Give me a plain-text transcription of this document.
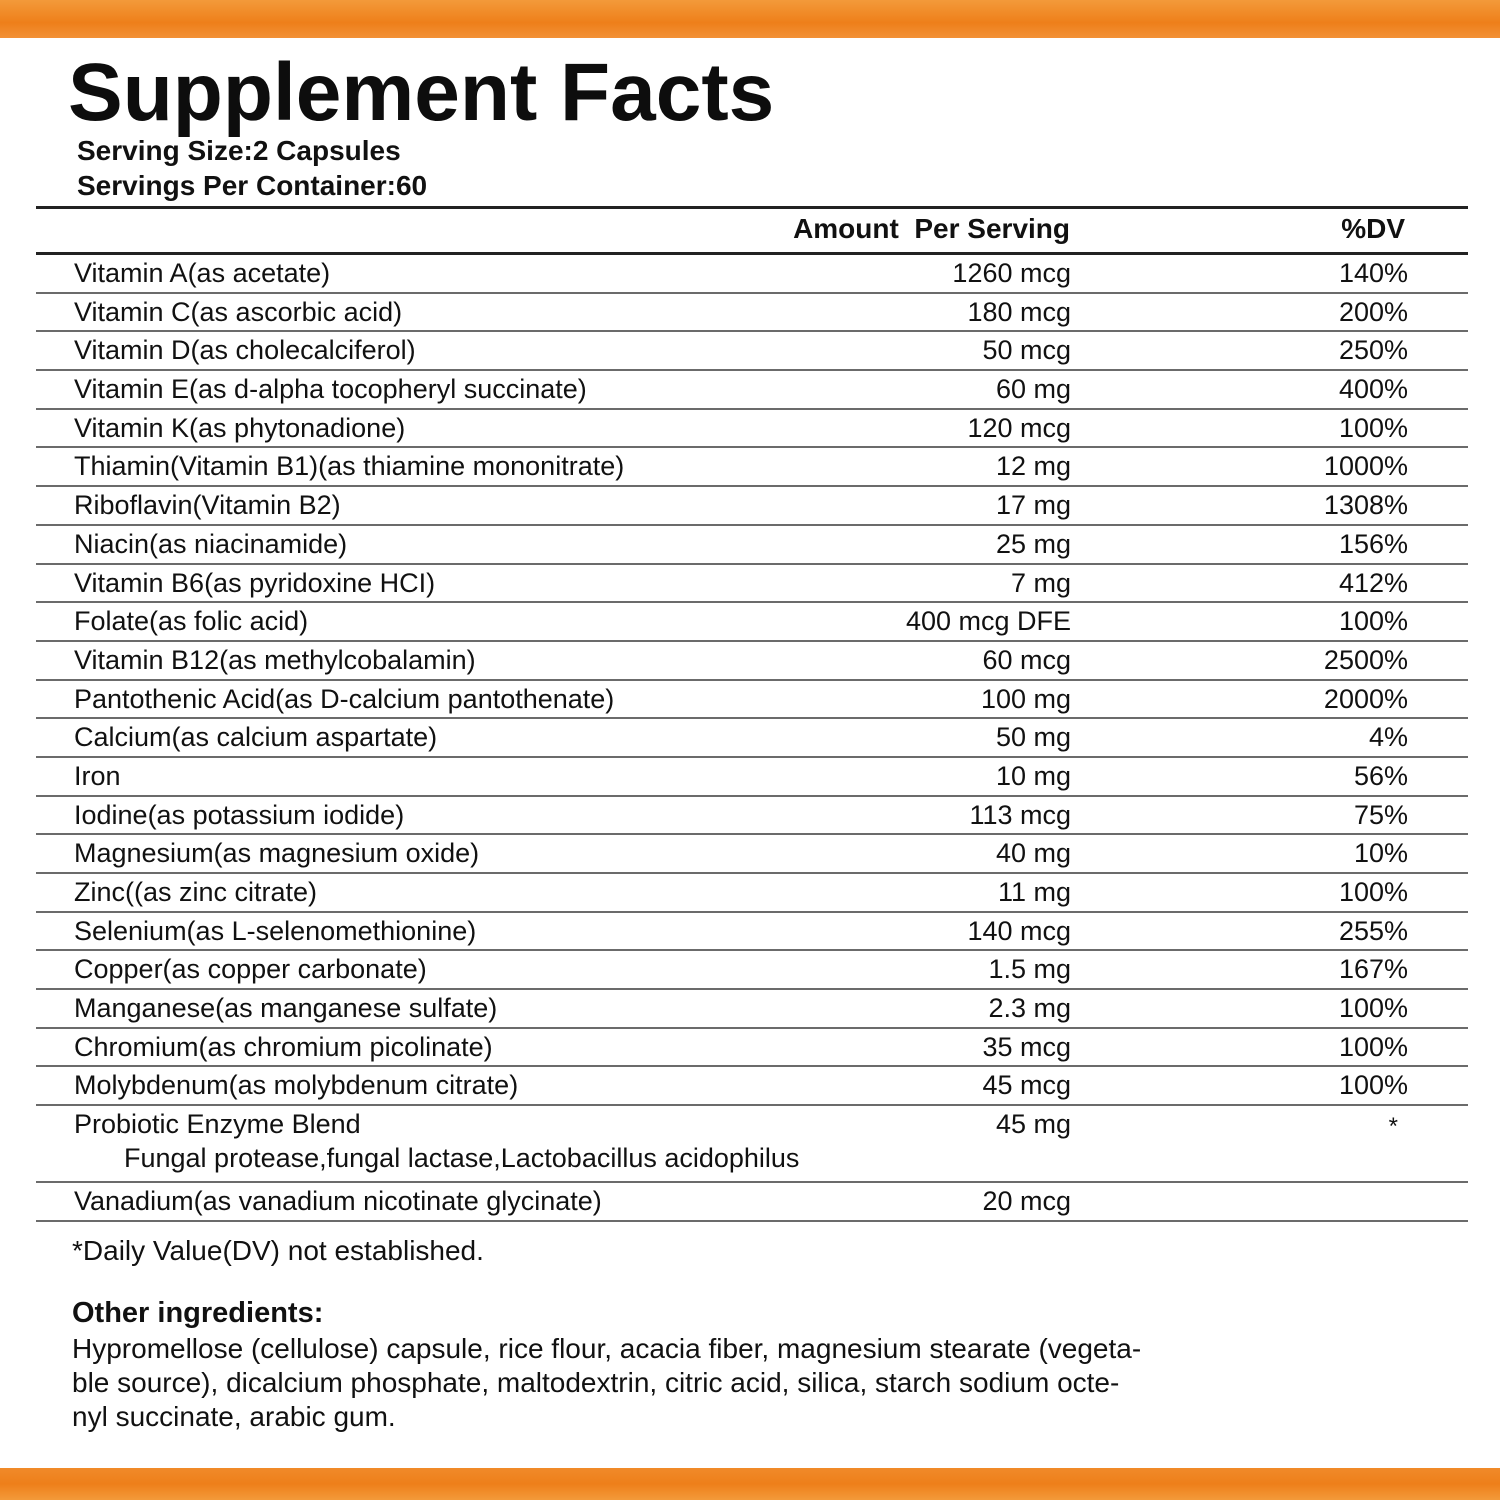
Supplement Facts
Serving Size:2 Capsules
Servings Per Container:60
Amount  Per Serving	%DV
Vitamin A(as acetate)	1260 mcg	140%
Vitamin C(as ascorbic acid)	180 mcg	200%
Vitamin D(as cholecalciferol)	50 mcg	250%
Vitamin E(as d-alpha tocopheryl succinate)	60 mg	400%
Vitamin K(as phytonadione)	120 mcg	100%
Thiamin(Vitamin B1)(as thiamine mononitrate)	12 mg	1000%
Riboflavin(Vitamin B2)	17 mg	1308%
Niacin(as niacinamide)	25 mg	156%
Vitamin B6(as pyridoxine HCI)	7 mg	412%
Folate(as folic acid)	400 mcg DFE	100%
Vitamin B12(as methylcobalamin)	60 mcg	2500%
Pantothenic Acid(as D-calcium pantothenate)	100 mg	2000%
Calcium(as calcium aspartate)	50 mg	4%
Iron	10 mg	56%
Iodine(as potassium iodide)	113 mcg	75%
Magnesium(as magnesium oxide)	40 mg	10%
Zinc((as zinc citrate)	11 mg	100%
Selenium(as L-selenomethionine)	140 mcg	255%
Copper(as copper carbonate)	1.5 mg	167%
Manganese(as manganese sulfate)	2.3 mg	100%
Chromium(as chromium picolinate)	35 mcg	100%
Molybdenum(as molybdenum citrate)	45 mcg	100%
Probiotic Enzyme Blend	45 mg	*
Fungal protease,fungal lactase,Lactobacillus acidophilus
Vanadium(as vanadium nicotinate glycinate)	20 mcg
*Daily Value(DV) not established.
Other ingredients:
Hypromellose (cellulose) capsule, rice flour, acacia fiber, magnesium stearate (vegeta-
ble source), dicalcium phosphate, maltodextrin, citric acid, silica, starch sodium octe-
nyl succinate, arabic gum.
